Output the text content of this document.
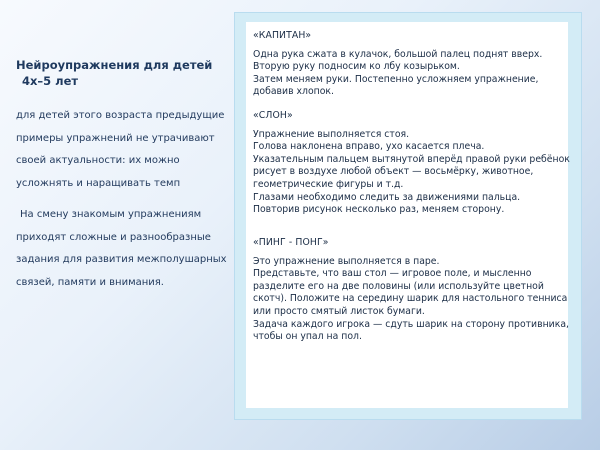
Нейроупражнения для детей
4х–5 лет
для детей этого возраста предыдущие примеры упражнений не утрачивают своей актуальности: их можно усложнять и наращивать темп
На смену знакомым упражнениям приходят сложные и разнообразные задания для развития межполушарных связей, памяти и внимания.
«КАПИТАН»
Одна рука сжата в кулачок, большой палец поднят вверх.
Вторую руку подносим ко лбу козырьком.
Затем меняем руки. Постепенно усложняем упражнение, добавив хлопок.
«СЛОН»
Упражнение выполняется стоя.
Голова наклонена вправо, ухо касается плеча.
Указательным пальцем вытянутой вперёд правой руки ребёнок рисует в воздухе любой объект — восьмёрку, животное, геометрические фигуры и т.д.
Глазами необходимо следить за движениями пальца.
Повторив рисунок несколько раз, меняем сторону.
«ПИНГ - ПОНГ»
Это упражнение выполняется в паре.
Представьте, что ваш стол — игровое поле, и мысленно разделите его на две половины (или используйте цветной скотч). Положите на середину шарик для настольного тенниса или просто смятый листок бумаги.
Задача каждого игрока — сдуть шарик на сторону противника, чтобы он упал на пол.
